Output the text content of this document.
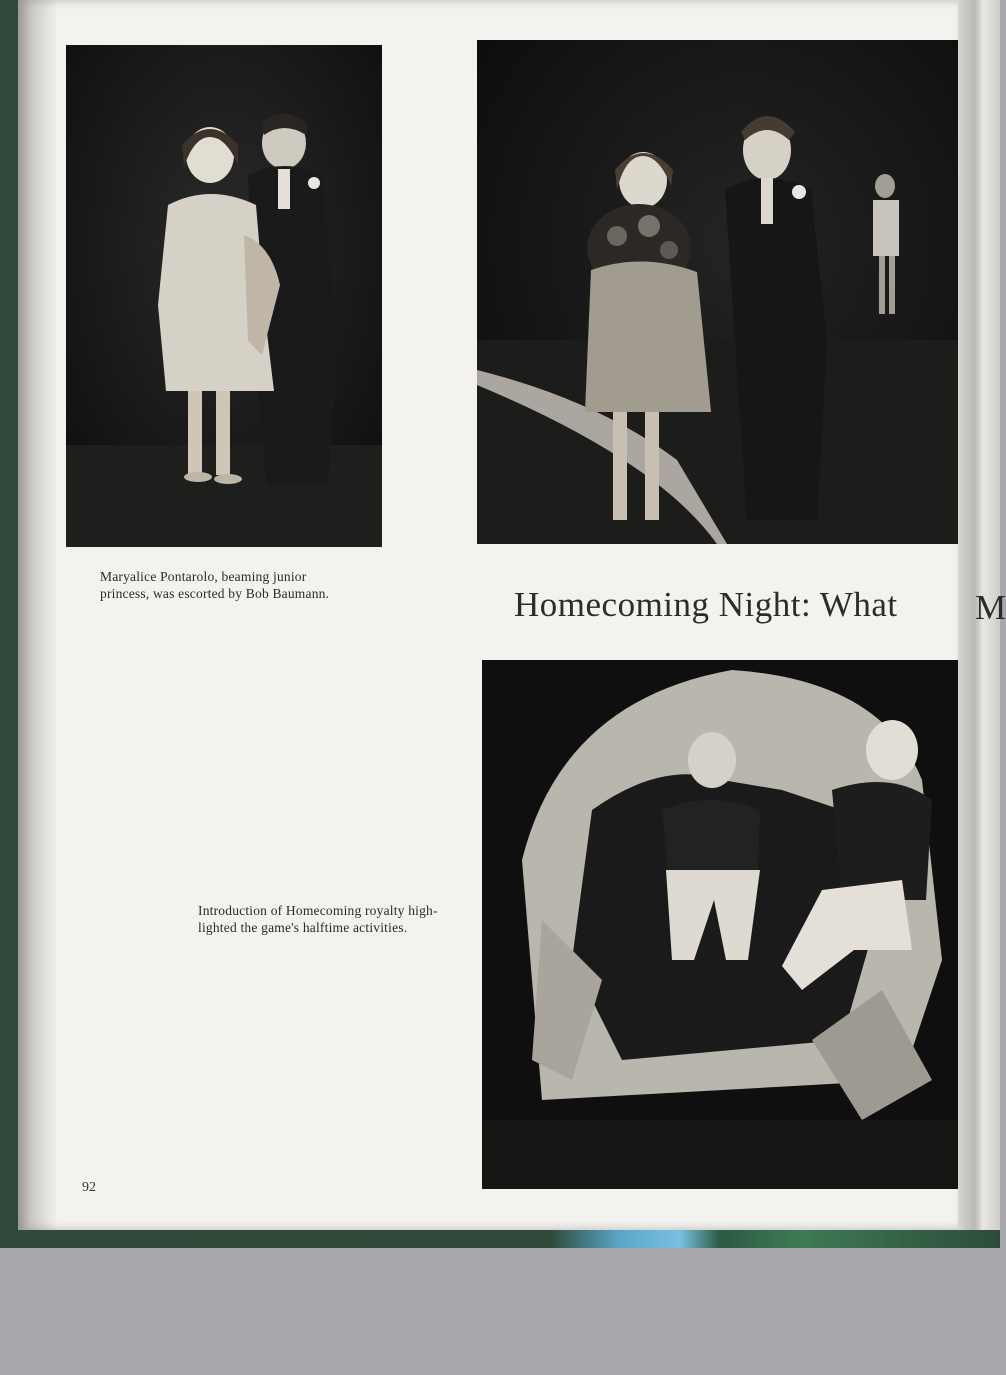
Maryalice Pontarolo, beaming junior
princess, was escorted by Bob Baumann.	Homecoming Night: What M
Introduction of Homecoming royalty high-
lighted the game's halftime activities.
92
